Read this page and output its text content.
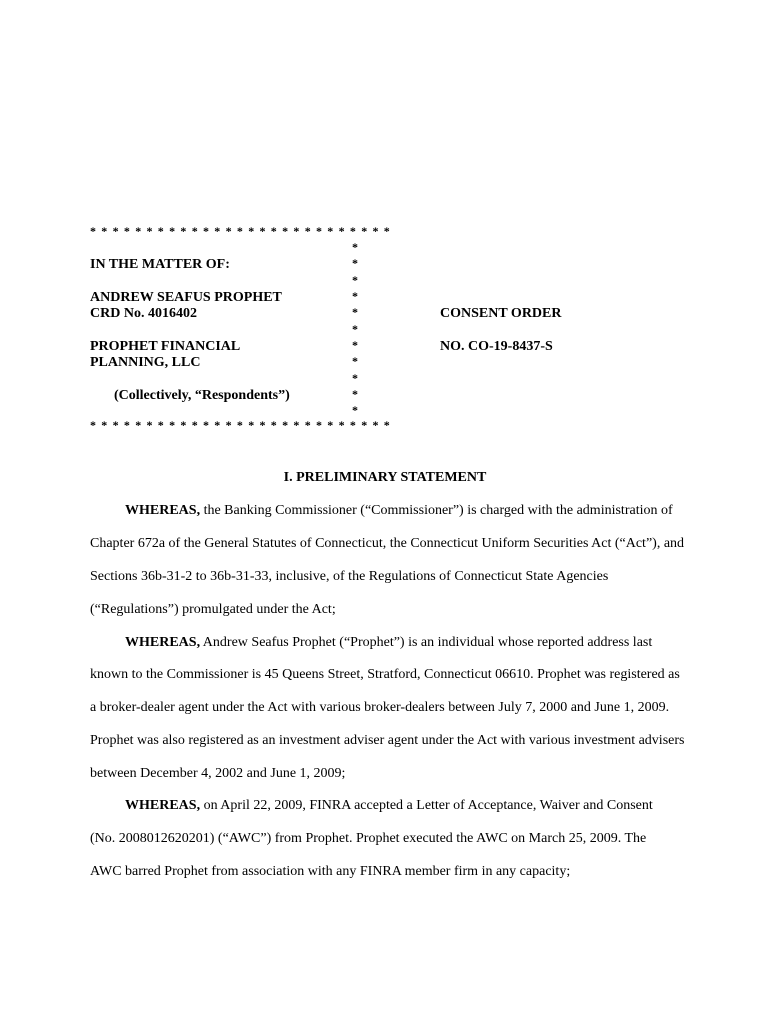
* * * * * * * * * * * * * * * * * * * * * * * * * * *
*
*
*
*
*
*
*
*
*
*
*
IN THE MATTER OF:
ANDREW SEAFUS PROPHET
CRD No. 4016402
PROPHET FINANCIAL
PLANNING, LLC
(Collectively, “Respondents”)
CONSENT ORDER
NO. CO-19-8437-S
* * * * * * * * * * * * * * * * * * * * * * * * * * *
I. PRELIMINARY STATEMENT
WHEREAS, the Banking Commissioner (“Commissioner”) is charged with the administration of
Chapter 672a of the General Statutes of Connecticut, the Connecticut Uniform Securities Act (“Act”), and
Sections 36b-31-2 to 36b-31-33, inclusive, of the Regulations of Connecticut State Agencies
(“Regulations”) promulgated under the Act;
WHEREAS, Andrew Seafus Prophet (“Prophet”) is an individual whose reported address last
known to the Commissioner is 45 Queens Street, Stratford, Connecticut 06610. Prophet was registered as
a broker-dealer agent under the Act with various broker-dealers between July 7, 2000 and June 1, 2009.
Prophet was also registered as an investment adviser agent under the Act with various investment advisers
between December 4, 2002 and June 1, 2009;
WHEREAS, on April 22, 2009, FINRA accepted a Letter of Acceptance, Waiver and Consent
(No. 2008012620201) (“AWC”) from Prophet. Prophet executed the AWC on March 25, 2009. The
AWC barred Prophet from association with any FINRA member firm in any capacity;
